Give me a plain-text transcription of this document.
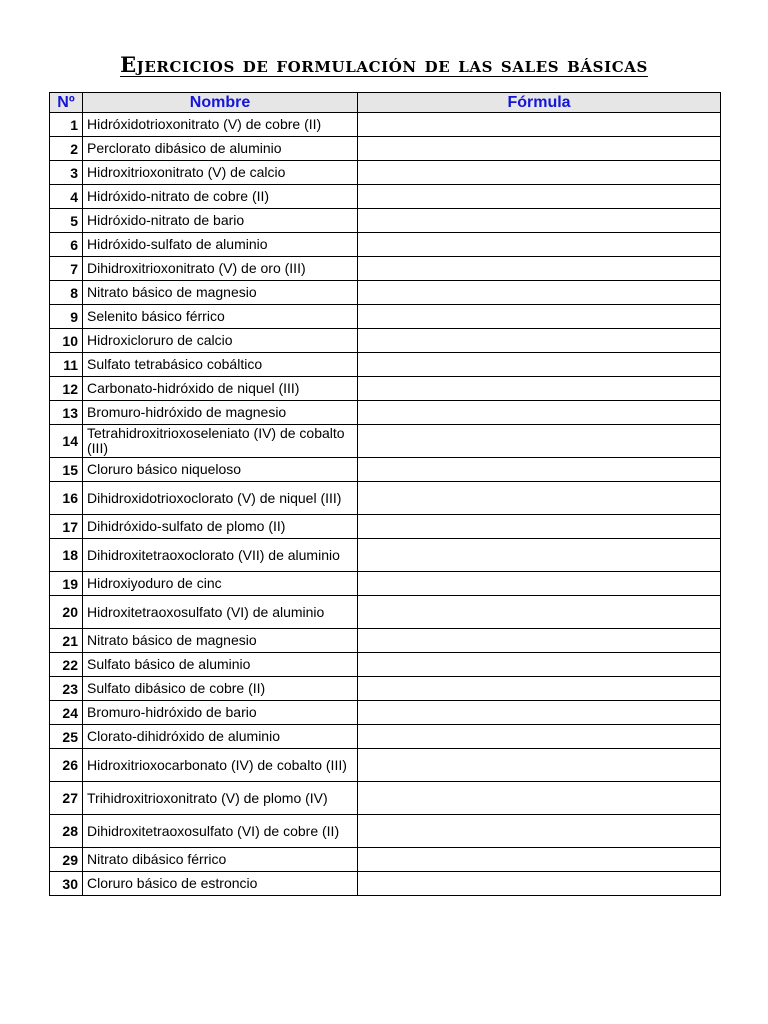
Ejercicios de formulación de las sales básicas
Nº	Nombre	Fórmula
1	Hidróxidotrioxonitrato (V) de cobre (II)	
2	Perclorato dibásico de aluminio	
3	Hidroxitrioxonitrato (V) de calcio	
4	Hidróxido-nitrato de cobre (II)	
5	Hidróxido-nitrato de bario	
6	Hidróxido-sulfato de aluminio	
7	Dihidroxitrioxonitrato (V) de oro (III)	
8	Nitrato básico de magnesio	
9	Selenito básico férrico	
10	Hidroxicloruro de calcio	
11	Sulfato tetrabásico cobáltico	
12	Carbonato-hidróxido de niquel (III)	
13	Bromuro-hidróxido de magnesio	
14	Tetrahidroxitrioxoseleniato (IV) de cobalto (III)	
15	Cloruro básico niqueloso	
16	Dihidroxidotrioxoclorato (V) de niquel (III)	
17	Dihidróxido-sulfato de plomo (II)	
18	Dihidroxitetraoxoclorato (VII) de aluminio	
19	Hidroxiyoduro de cinc	
20	Hidroxitetraoxosulfato (VI) de aluminio	
21	Nitrato básico de magnesio	
22	Sulfato básico de aluminio	
23	Sulfato dibásico de cobre (II)	
24	Bromuro-hidróxido de bario	
25	Clorato-dihidróxido de aluminio	
26	Hidroxitrioxocarbonato (IV) de cobalto (III)	
27	Trihidroxitrioxonitrato (V) de plomo (IV)	
28	Dihidroxitetraoxosulfato (VI) de cobre (II)	
29	Nitrato dibásico férrico	
30	Cloruro básico de estroncio	
